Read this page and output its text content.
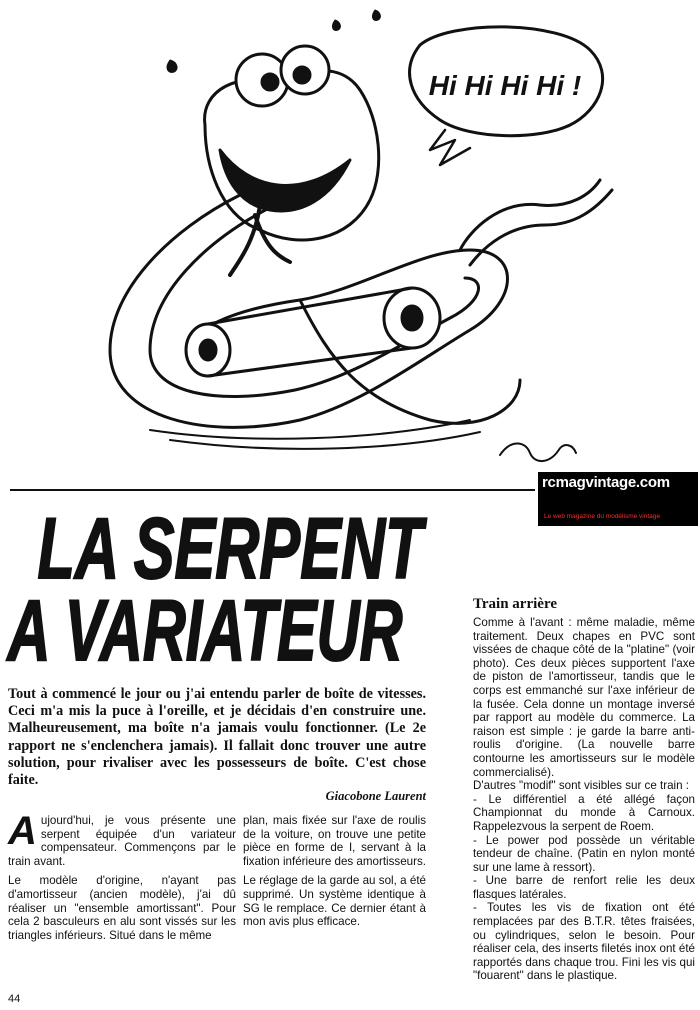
Hi Hi Hi Hi !
rcmagvintage.com
Le web magazine du modélisme vintage
LA SERPENT
A VARIATEUR

Tout à commencé le jour ou j'ai entendu parler de boîte de vitesses. Ceci m'a mis la puce à l'oreille, et je décidais d'en construire une. Malheureusement, ma boîte n'a jamais voulu fonctionner. (Le 2e rapport ne s'enclenchera jamais). Il fallait donc trouver une autre solution, pour rivaliser avec les possesseurs de boîte. C'est chose faite.

Giacobone Laurent

Aujourd'hui, je vous présente une serpent équipée d'un variateur compensateur. Commençons par le train avant.

Le modèle d'origine, n'ayant pas d'amortisseur (ancien modèle), j'ai dû réaliser un "ensemble amortissant". Pour cela 2 basculeurs en alu sont vissés sur les triangles inférieurs. Situé dans le même

plan, mais fixée sur l'axe de roulis de la voiture, on trouve une petite pièce en forme de I, servant à la fixation inférieure des amortisseurs.

Le réglage de la garde au sol, a été supprimé. Un système identique à SG le remplace. Ce dernier étant à mon avis plus efficace.

Train arrière

Comme à l'avant : même maladie, même traitement. Deux chapes en PVC sont vissées de chaque côté de la "platine" (voir photo). Ces deux pièces supportent l'axe de piston de l'amortisseur, tandis que le corps est emmanché sur l'axe inférieur de la fusée. Cela donne un montage inversé par rapport au modèle du commerce. La raison est simple : je garde la barre anti-roulis d'origine. (La nouvelle barre contourne les amortisseurs sur le modèle commercialisé).

D'autres "modif" sont visibles sur ce train :

- Le différentiel a été allégé façon Championnat du monde à Carnoux. Rappelezvous la serpent de Roem.

- Le power pod possède un véritable tendeur de chaîne. (Patin en nylon monté sur une lame à ressort).

- Une barre de renfort relie les deux flasques latérales.

- Toutes les vis de fixation ont été remplacées par des B.T.R. têtes fraisées, ou cylindriques, selon le besoin. Pour réaliser cela, des inserts filetés inox ont été rapportés dans chaque trou. Fini les vis qui "fouarent" dans le plastique.

44
